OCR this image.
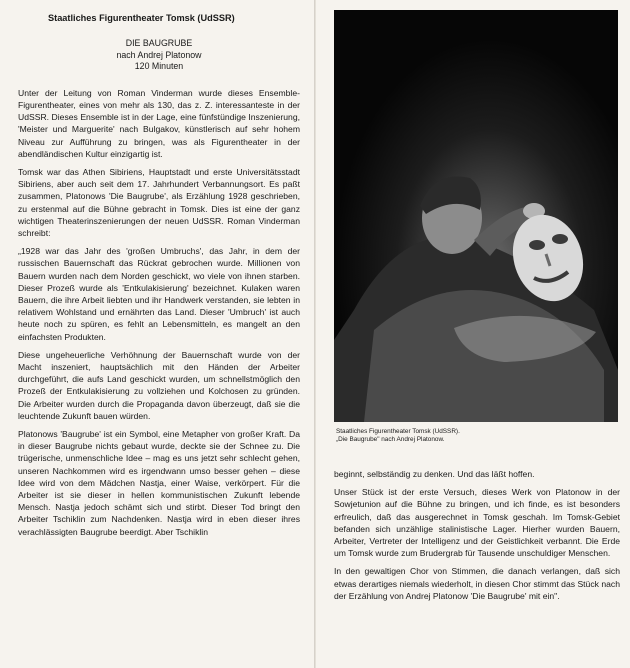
Staatliches Figurentheater Tomsk (UdSSR)
DIE BAUGRUBE
nach Andrej Platonow
120 Minuten

Unter der Leitung von Roman Vinderman wurde dieses Ensemble-Figurentheater, eines von mehr als 130, das z. Z. interessanteste in der UdSSR. Dieses Ensemble ist in der Lage, eine fünfstündige Inszenierung, 'Meister und Marguerite' nach Bulgakov, künstlerisch auf sehr hohem Niveau zur Aufführung zu bringen, was als Figurentheater in der abendländischen Kultur einzigartig ist.

Tomsk war das Athen Sibiriens, Hauptstadt und erste Universitätsstadt Sibiriens, aber auch seit dem 17. Jahrhundert Verbannungsort. Es paßt zusammen, Platonows 'Die Baugrube', als Erzählung 1928 geschrieben, zu erstenmal auf die Bühne gebracht in Tomsk. Dies ist eine der ganz wichtigen Theaterinszenierungen der neuen UdSSR. Roman Vinderman schreibt:

„1928 war das Jahr des 'großen Umbruchs', das Jahr, in dem der russischen Bauernschaft das Rückrat gebrochen wurde. Millionen von Bauern wurden nach dem Norden geschickt, wo viele von ihnen starben. Dieser Prozeß wurde als 'Entkulakisierung' bezeichnet. Kulaken waren Bauern, die ihre Arbeit liebten und ihr Handwerk verstanden, sie lebten in relativem Wohlstand und ernährten das Land. Dieser 'Umbruch' ist auch heute noch zu spüren, es fehlt an Lebensmitteln, es mangelt an den einfachsten Produkten.

Diese ungeheuerliche Verhöhnung der Bauernschaft wurde von der Macht inszeniert, hauptsächlich mit den Händen der Arbeiter durchgeführt, die aufs Land geschickt wurden, um schnellstmöglich den Prozeß der Entkulakisierung zu vollziehen und Kolchosen zu gründen. Die Arbeiter wurden durch die Propaganda davon überzeugt, daß sie die leuchtende Zukunft bauen würden.

Platonows 'Baugrube' ist ein Symbol, eine Metapher von großer Kraft. Da in dieser Baugrube nichts gebaut wurde, deckte sie der Schnee zu. Die trügerische, unmenschliche Idee – mag es uns jetzt sehr schlecht gehen, unseren Nachkommen wird es irgendwann umso besser gehen – diese Idee wird von dem Mädchen Nastja, einer Waise, verkörpert. Für die Arbeiter ist sie dieser in hellen kommunistischen Zukunft lebende Mensch. Nastja jedoch schämt sich und stirbt. Dieser Tod bringt den Arbeiter Tschiklin zum Nachdenken. Nastja wird in eben dieser ihres verachlässigten Baugrube beerdigt. Aber Tschiklin

Staatliches Figurentheater Tomsk (UdSSR).
„Die Baugrube" nach Andrej Platonow.

beginnt, selbständig zu denken. Und das läßt hoffen.

Unser Stück ist der erste Versuch, dieses Werk von Platonow in der Sowjetunion auf die Bühne zu bringen, und ich finde, es ist besonders erfreulich, daß das ausgerechnet in Tomsk geschah. Im Tomsk-Gebiet befanden sich unzählige stalinistische Lager. Hierher wurden Bauern, Arbeiter, Vertreter der Intelligenz und der Geistlichkeit verbannt. Die Erde um Tomsk wurde zum Brudergrab für Tausende unschuldiger Menschen.

In den gewaltigen Chor von Stimmen, die danach verlangen, daß sich etwas derartiges niemals wiederholt, in diesen Chor stimmt das Stück nach der Erzählung von Andrej Platonow 'Die Baugrube' mit ein".
